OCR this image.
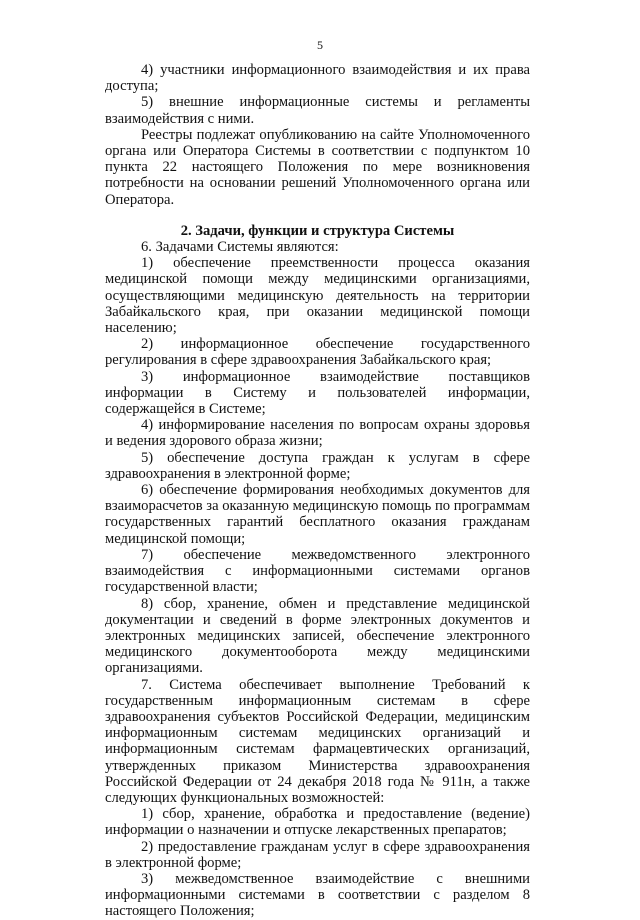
5

4) участники информационного взаимодействия и их права доступа;

5) внешние информационные системы и регламенты взаимодействия с ними.

Реестры подлежат опубликованию на сайте Уполномоченного органа или Оператора Системы в соответствии с подпунктом 10 пункта 22 настоящего Положения по мере возникновения потребности на основании решений Уполномоченного органа или Оператора.

2. Задачи, функции и структура Системы

6. Задачами Системы являются:

1) обеспечение преемственности процесса оказания медицинской помощи между медицинскими организациями, осуществляющими медицинскую деятельность на территории Забайкальского края, при оказании медицинской помощи населению;

2) информационное обеспечение государственного регулирования в сфере здравоохранения Забайкальского края;

3) информационное взаимодействие поставщиков информации в Систему и пользователей информации, содержащейся в Системе;

4) информирование населения по вопросам охраны здоровья и ведения здорового образа жизни;

5) обеспечение доступа граждан к услугам в сфере здравоохранения в электронной форме;

6) обеспечение формирования необходимых документов для взаиморасчетов за оказанную медицинскую помощь по программам государственных гарантий бесплатного оказания гражданам медицинской помощи;

7) обеспечение межведомственного электронного взаимодействия с информационными системами органов государственной власти;

8) сбор, хранение, обмен и представление медицинской документации и сведений в форме электронных документов и электронных медицинских записей, обеспечение электронного медицинского документооборота между медицинскими организациями.

7. Система обеспечивает выполнение Требований к государственным информационным системам в сфере здравоохранения субъектов Российской Федерации, медицинским информационным системам медицинских организаций и информационным системам фармацевтических организаций, утвержденных приказом Министерства здравоохранения Российской Федерации от 24 декабря 2018 года № 911н, а также следующих функциональных возможностей:

1) сбор, хранение, обработка и предоставление (ведение) информации о назначении и отпуске лекарственных препаратов;

2) предоставление гражданам услуг в сфере здравоохранения в электронной форме;

3) межведомственное взаимодействие с внешними информационными системами в соответствии с разделом 8 настоящего Положения;
